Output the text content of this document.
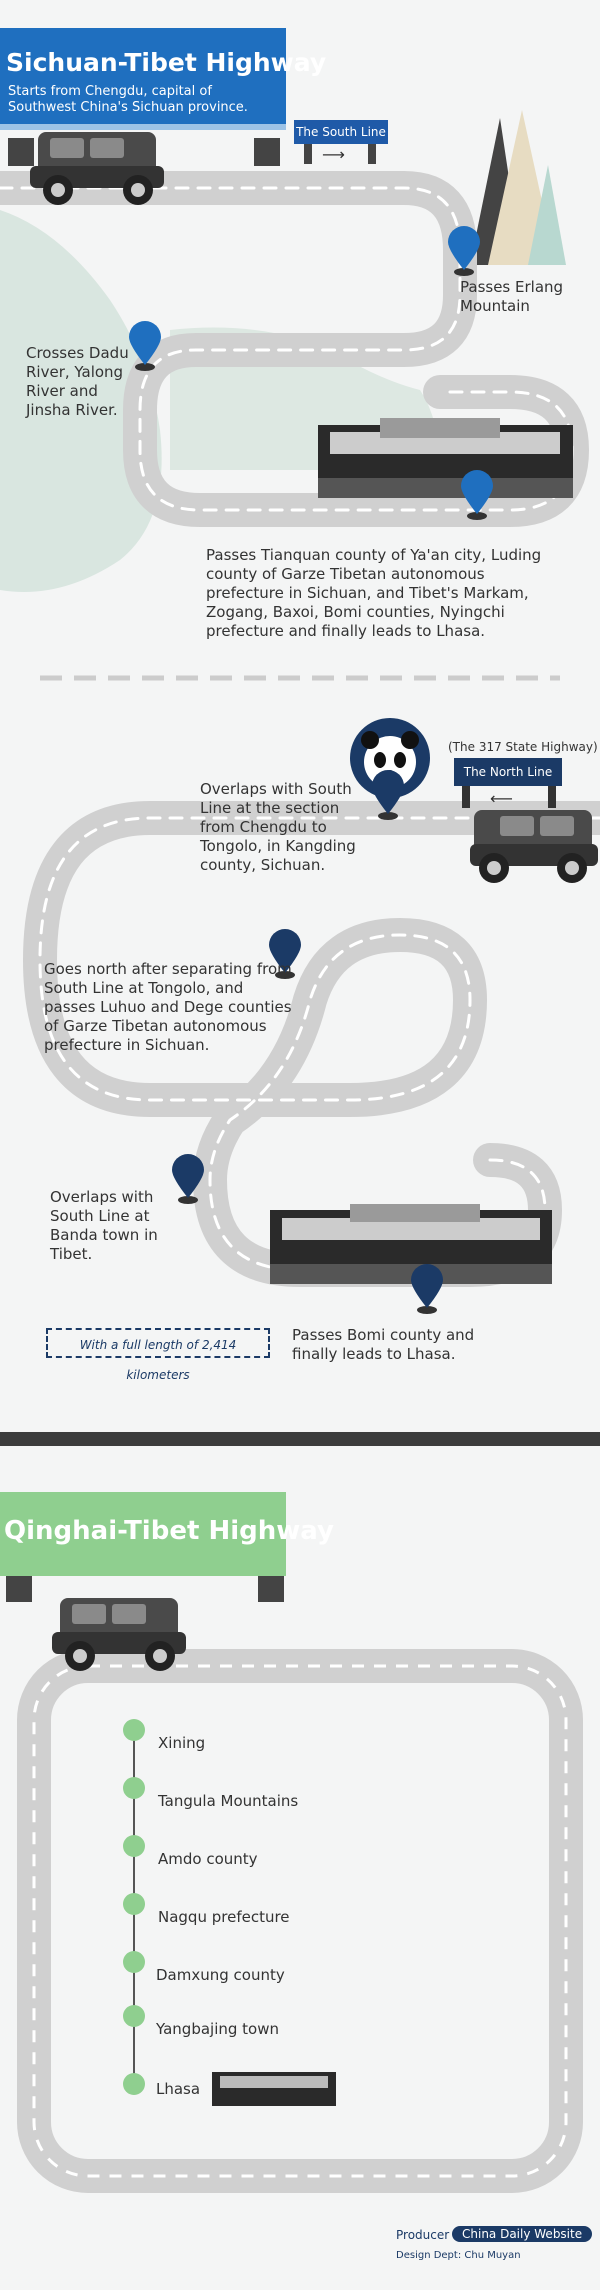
⟶
⟵
Sichuan-Tibet Highway
Starts from Chengdu, capital of Southwest China's Sichuan province.
The South Line
Passes Erlang Mountain
Crosses Dadu River, Yalong River and Jinsha River.
Passes Tianquan county of Ya'an city, Luding county of Garze Tibetan autonomous prefecture in Sichuan, and Tibet's Markam, Zogang, Baxoi, Bomi counties, Nyingchi prefecture and finally leads to Lhasa.
(The 317 State Highway)
The North Line
Overlaps with South Line at the section from Chengdu to Tongolo, in Kangding county, Sichuan.
Goes north after separating from South Line at Tongolo, and passes Luhuo and Dege counties of Garze Tibetan autonomous prefecture in Sichuan.
Overlaps with South Line at Banda town in Tibet.
With a full length of 2,414 kilometers
Passes Bomi county and finally leads to Lhasa.
Qinghai-Tibet Highway
Xining
Tangula Mountains
Amdo county
Nagqu prefecture
Damxung county
Yangbajing town
Lhasa
Producer	China Daily Website
Design Dept: Chu Muyan
